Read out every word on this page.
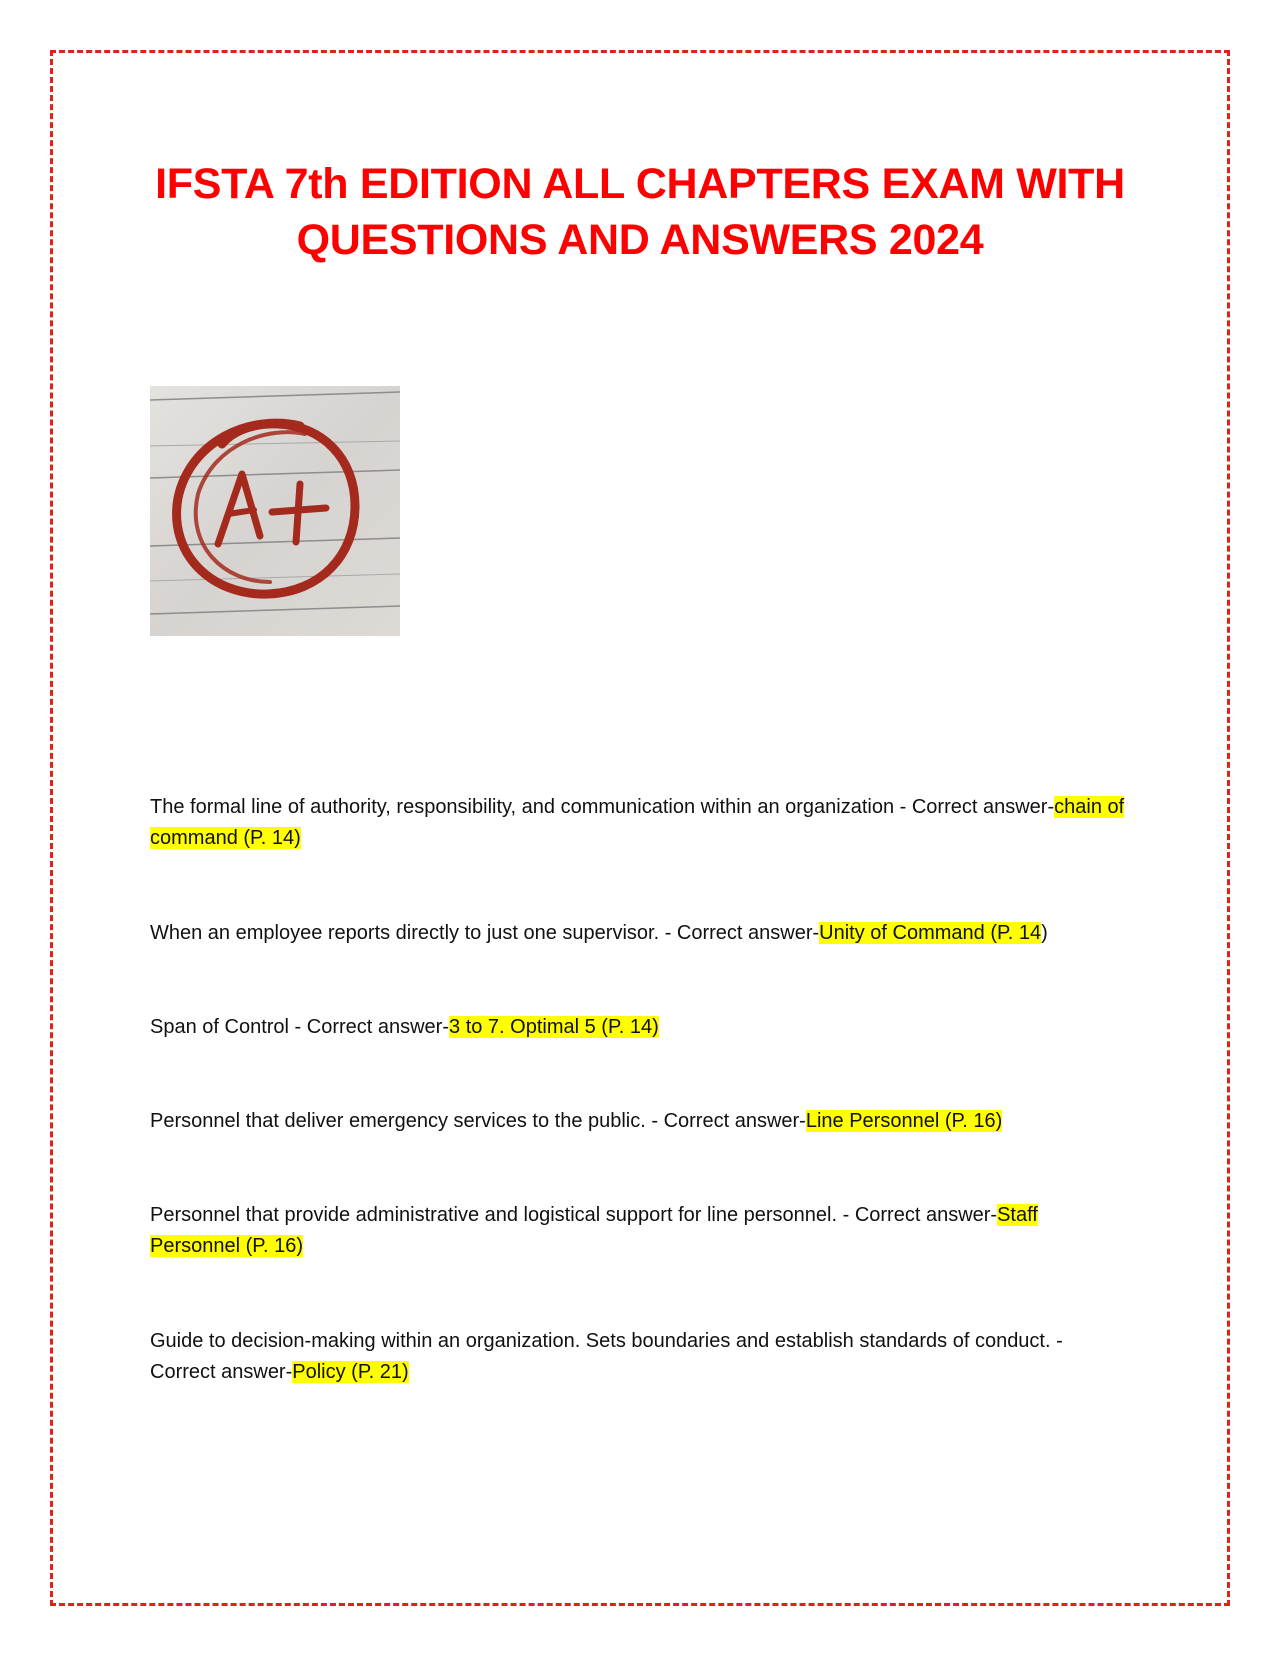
IFSTA 7th EDITION ALL CHAPTERS EXAM WITH
QUESTIONS AND ANSWERS 2024
The formal line of authority, responsibility, and communication within an organization - Correct answer-chain of command (P. 14)
When an employee reports directly to just one supervisor. - Correct answer-Unity of Command (P. 14)
Span of Control - Correct answer-3 to 7. Optimal 5 (P. 14)
Personnel that deliver emergency services to the public. - Correct answer-Line Personnel (P. 16)
Personnel that provide administrative and logistical support for line personnel. - Correct answer-Staff Personnel (P. 16)
Guide to decision-making within an organization. Sets boundaries and establish standards of conduct. - Correct answer-Policy (P. 21)
